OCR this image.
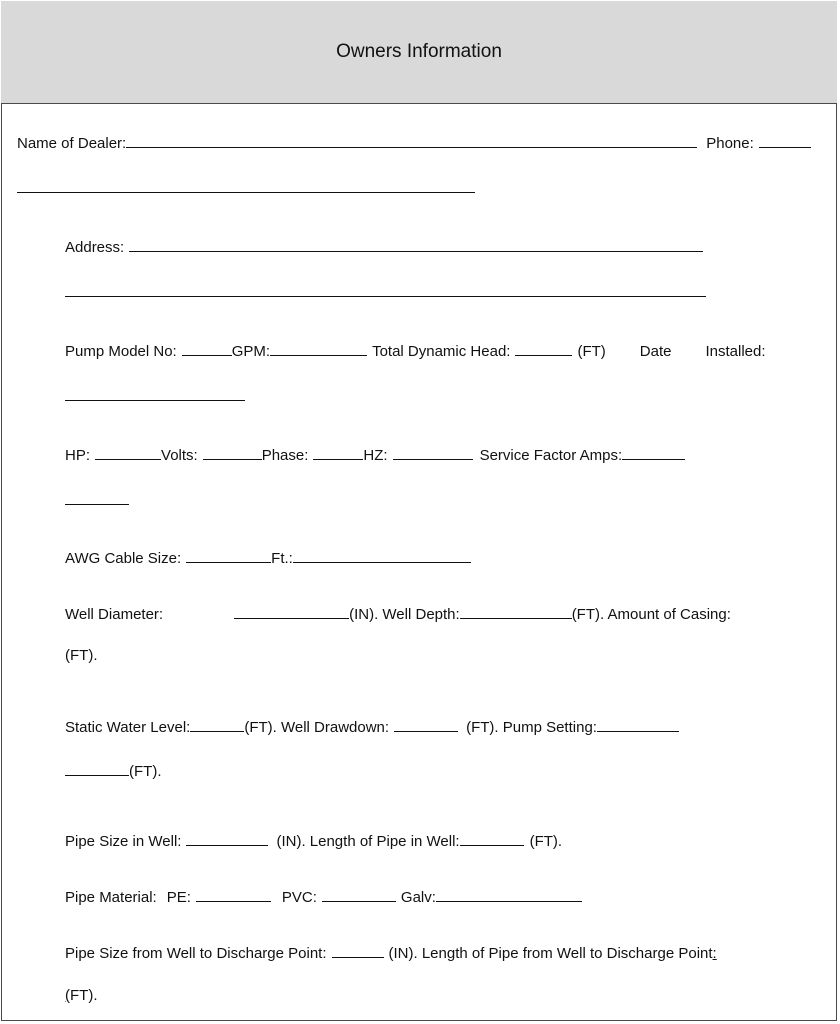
Owners Information
Name of Dealer:	Phone:
Address:
Pump Model No:	GPM:	Total Dynamic Head:	(FT) Date Installed:
HP:	Volts:	Phase:	HZ:	Service Factor Amps:
AWG Cable Size:	Ft.:
Well Diameter:	(IN). Well Depth:	(FT). Amount of Casing:
(FT).
Static Water Level:	(FT). Well Drawdown:	(FT). Pump Setting:
(FT).
Pipe Size in Well:	(IN). Length of Pipe in Well:	(FT).
Pipe Material: PE:	PVC:	Galv:
Pipe Size from Well to Discharge Point:	(IN). Length of Pipe from Well to Discharge Point:
(FT).
